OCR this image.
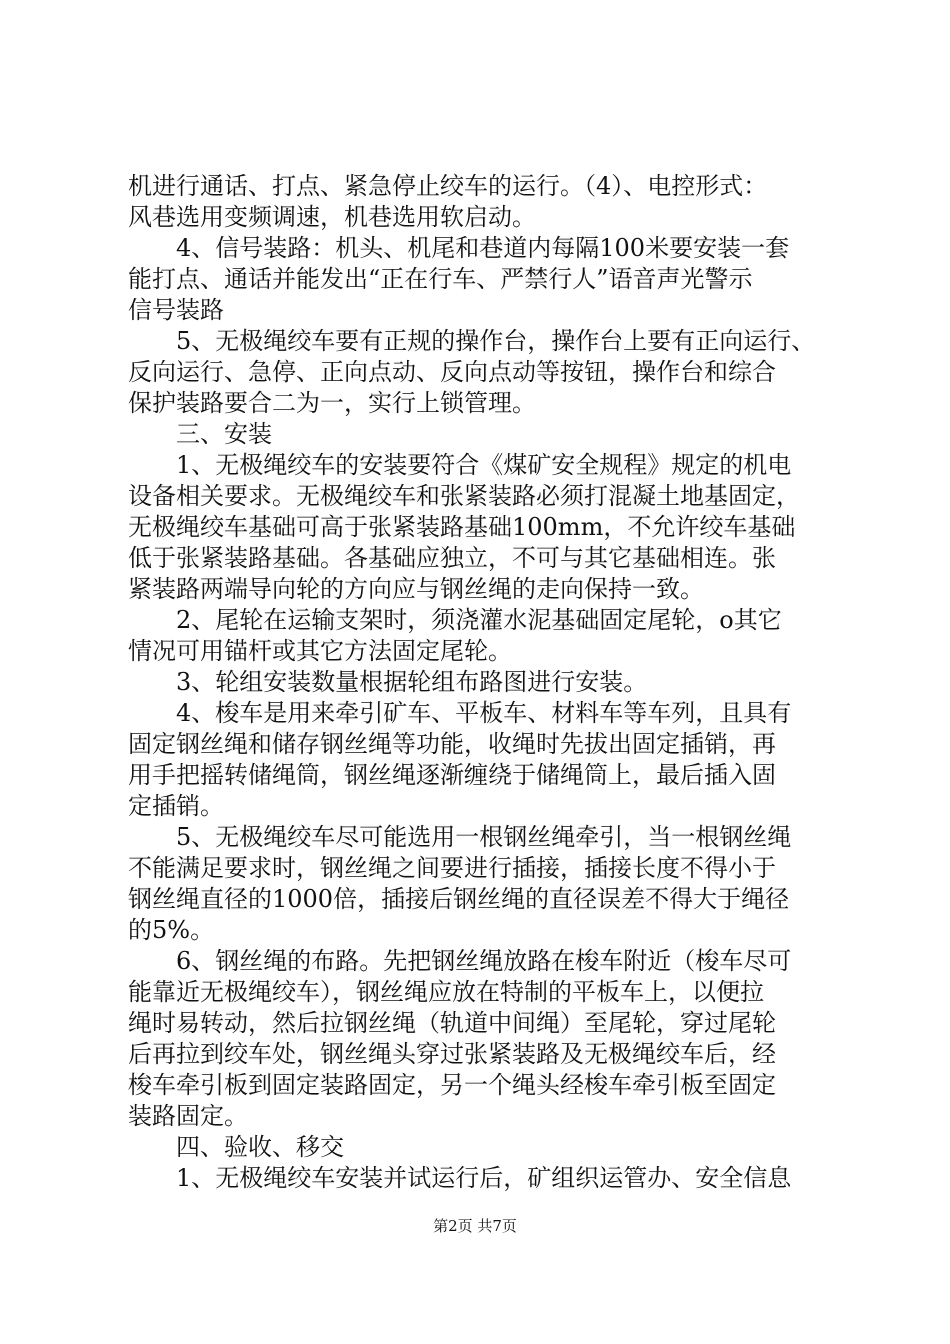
机进行通话、打点、紧急停止绞车的运行。（4）、电控形式：
风巷选用变频调速，机巷选用软启动。
4、信号装路：机头、机尾和巷道内每隔100米要安装一套
能打点、通话并能发出“正在行车、严禁行人”语音声光警示
信号装路
5、无极绳绞车要有正规的操作台，操作台上要有正向运行、
反向运行、急停、正向点动、反向点动等按钮，操作台和综合
保护装路要合二为一，实行上锁管理。
三、安装
1、无极绳绞车的安装要符合《煤矿安全规程》规定的机电
设备相关要求。无极绳绞车和张紧装路必须打混凝土地基固定，
无极绳绞车基础可高于张紧装路基础100mm，不允许绞车基础
低于张紧装路基础。各基础应独立，不可与其它基础相连。张
紧装路两端导向轮的方向应与钢丝绳的走向保持一致。
2、尾轮在运输支架时，须浇灌水泥基础固定尾轮，o其它
情况可用锚杆或其它方法固定尾轮。
3、轮组安装数量根据轮组布路图进行安装。
4、梭车是用来牵引矿车、平板车、材料车等车列，且具有
固定钢丝绳和储存钢丝绳等功能，收绳时先拔出固定插销，再
用手把摇转储绳筒，钢丝绳逐渐缠绕于储绳筒上，最后插入固
定插销。
5、无极绳绞车尽可能选用一根钢丝绳牵引，当一根钢丝绳
不能满足要求时，钢丝绳之间要进行插接，插接长度不得小于
钢丝绳直径的1000倍，插接后钢丝绳的直径误差不得大于绳径
的5%。
6、钢丝绳的布路。先把钢丝绳放路在梭车附近（梭车尽可
能靠近无极绳绞车），钢丝绳应放在特制的平板车上，以便拉
绳时易转动，然后拉钢丝绳（轨道中间绳）至尾轮，穿过尾轮
后再拉到绞车处，钢丝绳头穿过张紧装路及无极绳绞车后，经
梭车牵引板到固定装路固定，另一个绳头经梭车牵引板至固定
装路固定。
四、验收、移交
1、无极绳绞车安装并试运行后，矿组织运管办、安全信息
第2页 共7页
